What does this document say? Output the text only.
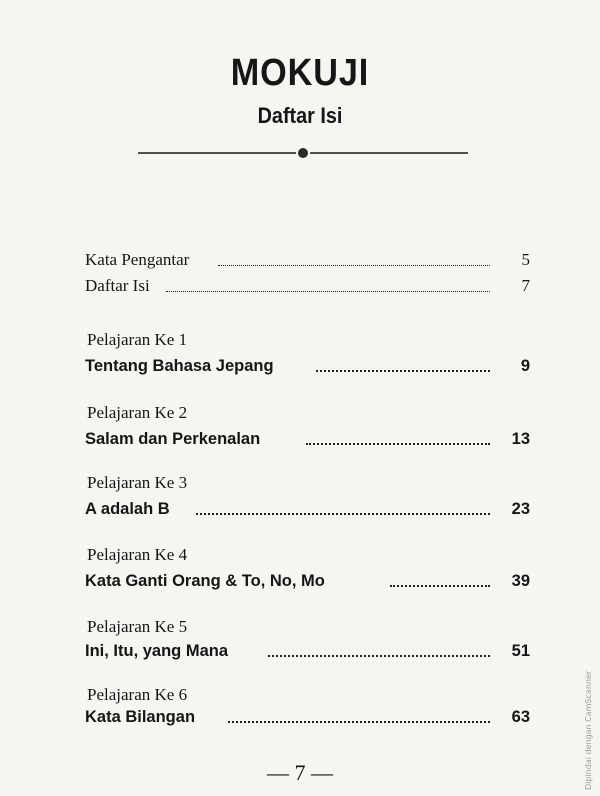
MOKUJI
Daftar Isi
Kata Pengantar	5
Daftar Isi	7
Pelajaran Ke 1
Tentang Bahasa Jepang	9
Pelajaran Ke 2
Salam dan Perkenalan	13
Pelajaran Ke 3
A adalah B	23
Pelajaran Ke 4
Kata Ganti Orang & To, No, Mo	39
Pelajaran Ke 5
Ini, Itu, yang Mana	51
Pelajaran Ke 6
Kata Bilangan	63
— 7 —	Dipindai dengan CamScanner
